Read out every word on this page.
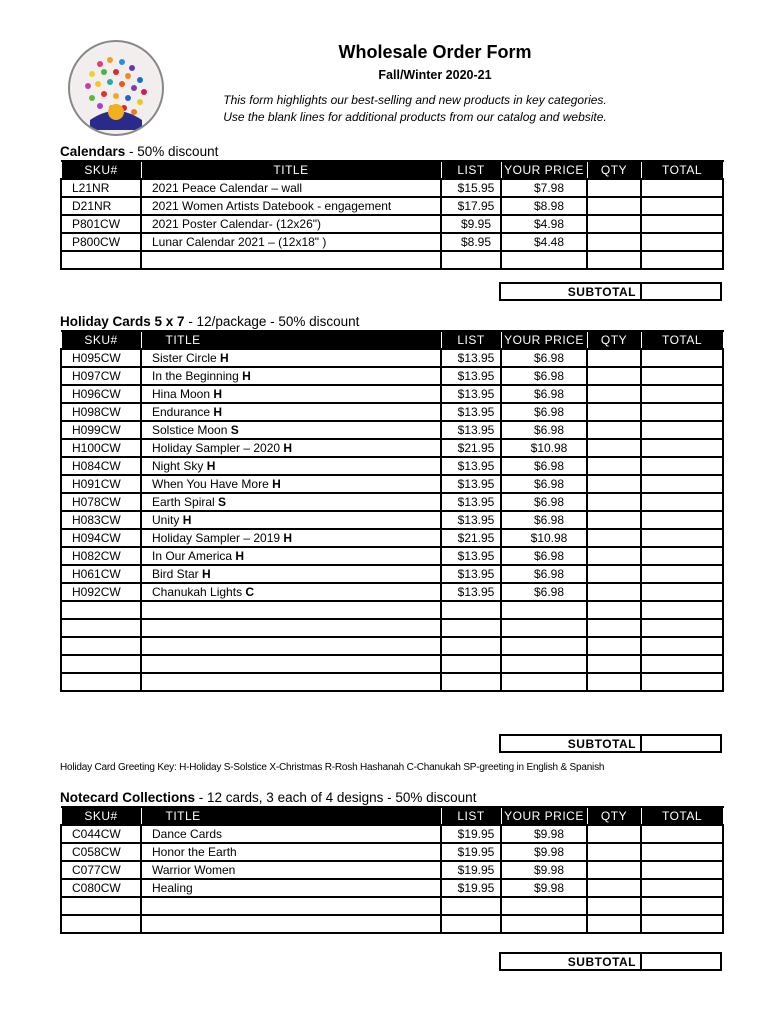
Wholesale Order Form
Fall/Winter 2020-21
This form highlights our best-selling and new products in key categories.
Use the blank lines for additional products from our catalog and website.
Calendars - 50% discount
SKU#	TITLE	LIST	YOUR PRICE	QTY	TOTAL
L21NR	2021 Peace Calendar – wall	$15.95	$7.98		
D21NR	2021 Women Artists Datebook - engagement	$17.95	$8.98		
P801CW	2021 Poster Calendar- (12x26")	$9.95	$4.98		
P800CW	Lunar Calendar 2021 – (12x18" )	$8.95	$4.48		

SUBTOTAL
Holiday Cards 5 x 7 - 12/package - 50% discount
SKU#	TITLE	LIST	YOUR PRICE	QTY	TOTAL
H095CW	Sister Circle H	$13.95	$6.98		
H097CW	In the Beginning H	$13.95	$6.98		
H096CW	Hina Moon H	$13.95	$6.98		
H098CW	Endurance H	$13.95	$6.98		
H099CW	Solstice Moon S	$13.95	$6.98		
H100CW	Holiday Sampler – 2020 H	$21.95	$10.98		
H084CW	Night Sky H	$13.95	$6.98		
H091CW	When You Have More H	$13.95	$6.98		
H078CW	Earth Spiral S	$13.95	$6.98		
H083CW	Unity H	$13.95	$6.98		
H094CW	Holiday Sampler – 2019 H	$21.95	$10.98		
H082CW	In Our America H	$13.95	$6.98		
H061CW	Bird Star H	$13.95	$6.98		
H092CW	Chanukah Lights C	$13.95	$6.98		

SUBTOTAL
Holiday Card Greeting Key: H-Holiday S-Solstice X-Christmas R-Rosh Hashanah C-Chanukah SP-greeting in English & Spanish
Notecard Collections - 12 cards, 3 each of 4 designs - 50% discount
SKU#	TITLE	LIST	YOUR PRICE	QTY	TOTAL
C044CW	Dance Cards	$19.95	$9.98		
C058CW	Honor the Earth	$19.95	$9.98		
C077CW	Warrior Women	$19.95	$9.98		
C080CW	Healing	$19.95	$9.98		

SUBTOTAL
